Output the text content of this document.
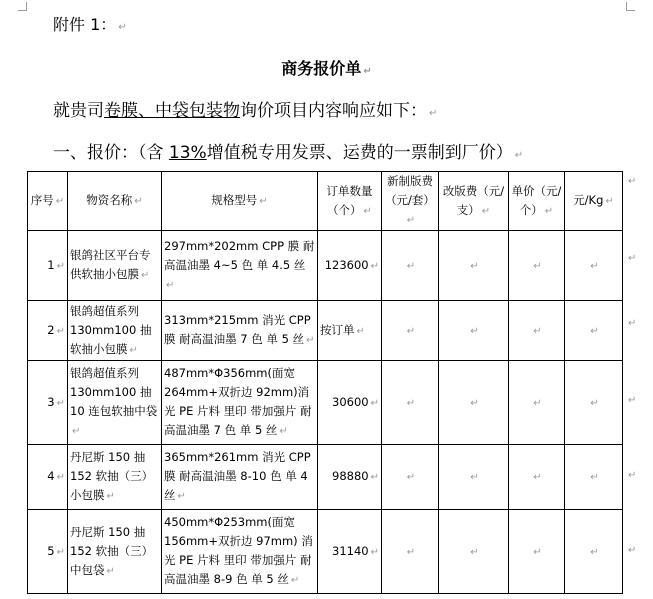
附件 1： ↵
商务报价单 ↵
就贵司卷膜、中袋包装物询价项目内容响应如下： ↵
一、报价：（含 13%增值税专用发票、运费的一票制到厂价） ↵
序号 ↵	物资名称 ↵	规格型号 ↵	订单数量（个） ↵	新制版费（元/套）↵	改版费（元/支） ↵	单价（元/个） ↵	元/Kg ↵
1 ↵	银鸽社区平台专供软抽小包膜 ↵	297mm*202mm CPP 膜 耐高温油墨 4~5 色 单 4.5 丝↵	123600 ↵	↵	↵	↵	↵
2 ↵	银鸽超值系列 130mm100 抽软抽小包膜 ↵	313mm*215mm 消光 CPP 膜 耐高温油墨 7 色 单 5 丝 ↵	按订单 ↵	↵	↵	↵	↵
3 ↵	银鸽超值系列 130mm100 抽 10 连包软抽中袋↵	487mm*Φ356mm(面宽 264mm+双折边 92mm)消光 PE 片料 里印 带加强片 耐高温油墨 7 色 单 5 丝 ↵	30600 ↵	↵	↵	↵	↵
4 ↵	丹尼斯 150 抽 152 软抽（三）小包膜 ↵	365mm*261mm 消光 CPP 膜 耐高温油墨 8-10 色 单 4 丝 ↵	98880 ↵	↵	↵	↵	↵
5 ↵	丹尼斯 150 抽 152 软抽（三）中包袋 ↵	450mm*Φ253mm(面宽 156mm+双折边 97mm) 消光 PE 片料 里印 带加强片 耐高温油墨 8-9 色 单 5 丝 ↵	31140 ↵	↵	↵	↵	↵
↵
↵
↵
↵
↵
↵
